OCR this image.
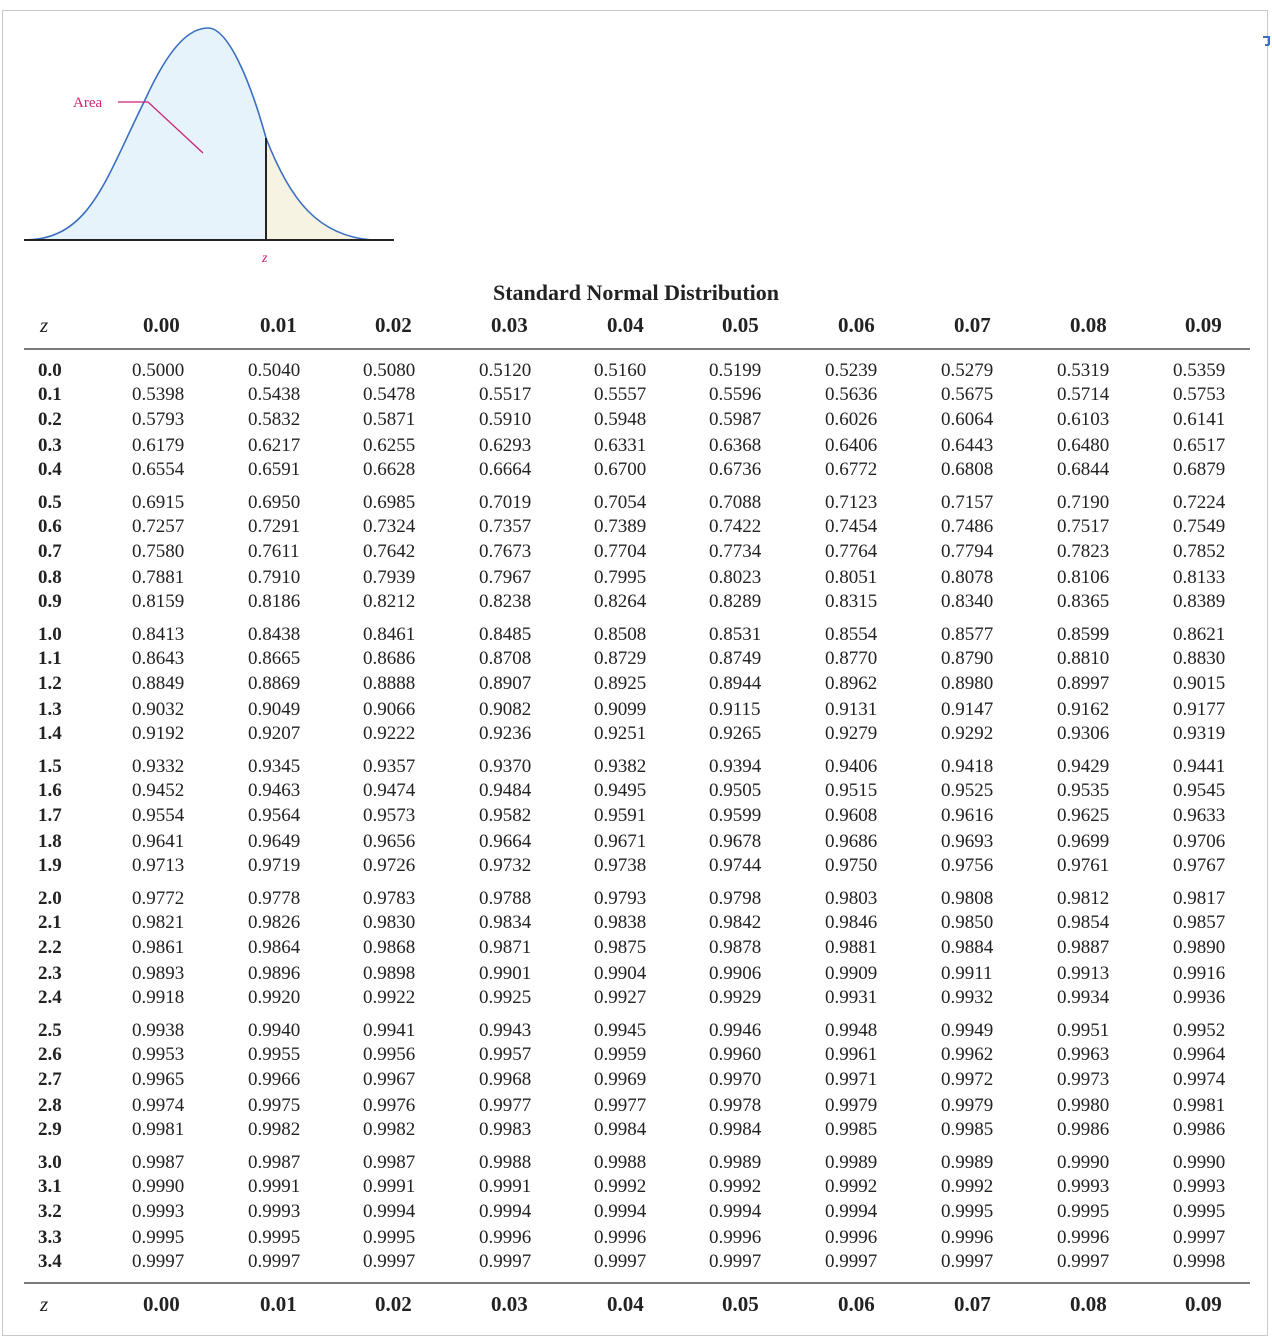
Area
z
Standard Normal Distribution
z	0.00	0.01	0.02	0.03	0.04	0.05	0.06	0.07	0.08	0.09
0.0	0.5000	0.5040	0.5080	0.5120	0.5160	0.5199	0.5239	0.5279	0.5319	0.5359
0.1	0.5398	0.5438	0.5478	0.5517	0.5557	0.5596	0.5636	0.5675	0.5714	0.5753
0.2	0.5793	0.5832	0.5871	0.5910	0.5948	0.5987	0.6026	0.6064	0.6103	0.6141
0.3	0.6179	0.6217	0.6255	0.6293	0.6331	0.6368	0.6406	0.6443	0.6480	0.6517
0.4	0.6554	0.6591	0.6628	0.6664	0.6700	0.6736	0.6772	0.6808	0.6844	0.6879
0.5	0.6915	0.6950	0.6985	0.7019	0.7054	0.7088	0.7123	0.7157	0.7190	0.7224
0.6	0.7257	0.7291	0.7324	0.7357	0.7389	0.7422	0.7454	0.7486	0.7517	0.7549
0.7	0.7580	0.7611	0.7642	0.7673	0.7704	0.7734	0.7764	0.7794	0.7823	0.7852
0.8	0.7881	0.7910	0.7939	0.7967	0.7995	0.8023	0.8051	0.8078	0.8106	0.8133
0.9	0.8159	0.8186	0.8212	0.8238	0.8264	0.8289	0.8315	0.8340	0.8365	0.8389
1.0	0.8413	0.8438	0.8461	0.8485	0.8508	0.8531	0.8554	0.8577	0.8599	0.8621
1.1	0.8643	0.8665	0.8686	0.8708	0.8729	0.8749	0.8770	0.8790	0.8810	0.8830
1.2	0.8849	0.8869	0.8888	0.8907	0.8925	0.8944	0.8962	0.8980	0.8997	0.9015
1.3	0.9032	0.9049	0.9066	0.9082	0.9099	0.9115	0.9131	0.9147	0.9162	0.9177
1.4	0.9192	0.9207	0.9222	0.9236	0.9251	0.9265	0.9279	0.9292	0.9306	0.9319
1.5	0.9332	0.9345	0.9357	0.9370	0.9382	0.9394	0.9406	0.9418	0.9429	0.9441
1.6	0.9452	0.9463	0.9474	0.9484	0.9495	0.9505	0.9515	0.9525	0.9535	0.9545
1.7	0.9554	0.9564	0.9573	0.9582	0.9591	0.9599	0.9608	0.9616	0.9625	0.9633
1.8	0.9641	0.9649	0.9656	0.9664	0.9671	0.9678	0.9686	0.9693	0.9699	0.9706
1.9	0.9713	0.9719	0.9726	0.9732	0.9738	0.9744	0.9750	0.9756	0.9761	0.9767
2.0	0.9772	0.9778	0.9783	0.9788	0.9793	0.9798	0.9803	0.9808	0.9812	0.9817
2.1	0.9821	0.9826	0.9830	0.9834	0.9838	0.9842	0.9846	0.9850	0.9854	0.9857
2.2	0.9861	0.9864	0.9868	0.9871	0.9875	0.9878	0.9881	0.9884	0.9887	0.9890
2.3	0.9893	0.9896	0.9898	0.9901	0.9904	0.9906	0.9909	0.9911	0.9913	0.9916
2.4	0.9918	0.9920	0.9922	0.9925	0.9927	0.9929	0.9931	0.9932	0.9934	0.9936
2.5	0.9938	0.9940	0.9941	0.9943	0.9945	0.9946	0.9948	0.9949	0.9951	0.9952
2.6	0.9953	0.9955	0.9956	0.9957	0.9959	0.9960	0.9961	0.9962	0.9963	0.9964
2.7	0.9965	0.9966	0.9967	0.9968	0.9969	0.9970	0.9971	0.9972	0.9973	0.9974
2.8	0.9974	0.9975	0.9976	0.9977	0.9977	0.9978	0.9979	0.9979	0.9980	0.9981
2.9	0.9981	0.9982	0.9982	0.9983	0.9984	0.9984	0.9985	0.9985	0.9986	0.9986
3.0	0.9987	0.9987	0.9987	0.9988	0.9988	0.9989	0.9989	0.9989	0.9990	0.9990
3.1	0.9990	0.9991	0.9991	0.9991	0.9992	0.9992	0.9992	0.9992	0.9993	0.9993
3.2	0.9993	0.9993	0.9994	0.9994	0.9994	0.9994	0.9994	0.9995	0.9995	0.9995
3.3	0.9995	0.9995	0.9995	0.9996	0.9996	0.9996	0.9996	0.9996	0.9996	0.9997
3.4	0.9997	0.9997	0.9997	0.9997	0.9997	0.9997	0.9997	0.9997	0.9997	0.9998
z	0.00	0.01	0.02	0.03	0.04	0.05	0.06	0.07	0.08	0.09
